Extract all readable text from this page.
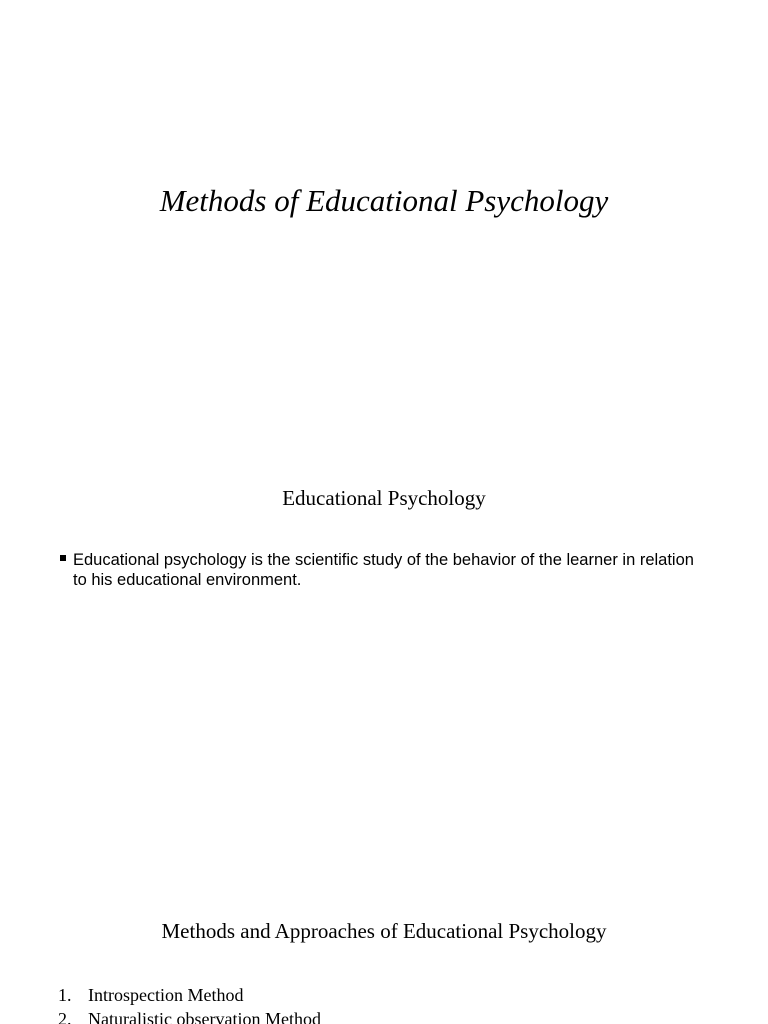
Methods of Educational Psychology
Educational Psychology
Educational psychology is the scientific study of the behavior of the learner in relation to his educational environment.
Methods and Approaches of Educational Psychology
1. Introspection Method
2. Naturalistic observation Method
